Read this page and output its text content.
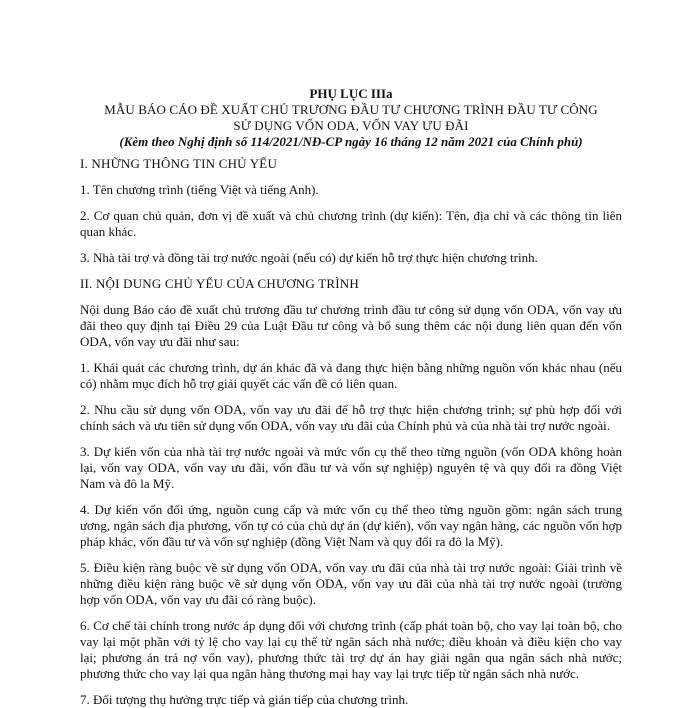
PHỤ LỤC IIIa
MẪU BÁO CÁO ĐỀ XUẤT CHỦ TRƯƠNG ĐẦU TƯ CHƯƠNG TRÌNH ĐẦU TƯ CÔNG
SỬ DỤNG VỐN ODA, VỐN VAY ƯU ĐÃI
(Kèm theo Nghị định số 114/2021/NĐ-CP ngày 16 tháng 12 năm 2021 của Chính phủ)
I. NHỮNG THÔNG TIN CHỦ YẾU
1. Tên chương trình (tiếng Việt và tiếng Anh).
2. Cơ quan chủ quản, đơn vị đề xuất và chủ chương trình (dự kiến): Tên, địa chỉ và các thông tin liên quan khác.
3. Nhà tài trợ và đồng tài trợ nước ngoài (nếu có) dự kiến hỗ trợ thực hiện chương trình.
II. NỘI DUNG CHỦ YẾU CỦA CHƯƠNG TRÌNH
Nội dung Báo cáo đề xuất chủ trương đầu tư chương trình đầu tư công sử dụng vốn ODA, vốn vay ưu đãi theo quy định tại Điều 29 của Luật Đầu tư công và bổ sung thêm các nội dung liên quan đến vốn ODA, vốn vay ưu đãi như sau:
1. Khái quát các chương trình, dự án khác đã và đang thực hiện bằng những nguồn vốn khác nhau (nếu có) nhằm mục đích hỗ trợ giải quyết các vấn đề có liên quan.
2. Nhu cầu sử dụng vốn ODA, vốn vay ưu đãi để hỗ trợ thực hiện chương trình; sự phù hợp đối với chính sách và ưu tiên sử dụng vốn ODA, vốn vay ưu đãi của Chính phủ và của nhà tài trợ nước ngoài.
3. Dự kiến vốn của nhà tài trợ nước ngoài và mức vốn cụ thể theo từng nguồn (vốn ODA không hoàn lại, vốn vay ODA, vốn vay ưu đãi, vốn đầu tư và vốn sự nghiệp) nguyên tệ và quy đổi ra đồng Việt Nam và đô la Mỹ.
4. Dự kiến vốn đối ứng, nguồn cung cấp và mức vốn cụ thể theo từng nguồn gồm: ngân sách trung ương, ngân sách địa phương, vốn tự có của chủ dự án (dự kiến), vốn vay ngân hàng, các nguồn vốn hợp pháp khác, vốn đầu tư và vốn sự nghiệp (đồng Việt Nam và quy đổi ra đô la Mỹ).
5. Điều kiện ràng buộc về sử dụng vốn ODA, vốn vay ưu đãi của nhà tài trợ nước ngoài: Giải trình về những điều kiện ràng buộc về sử dụng vốn ODA, vốn vay ưu đãi của nhà tài trợ nước ngoài (trường hợp vốn ODA, vốn vay ưu đãi có ràng buộc).
6. Cơ chế tài chính trong nước áp dụng đối với chương trình (cấp phát toàn bộ, cho vay lại toàn bộ, cho vay lại một phần với tỷ lệ cho vay lại cụ thể từ ngân sách nhà nước; điều khoản và điều kiện cho vay lại; phương án trả nợ vốn vay), phương thức tài trợ dự án hay giải ngân qua ngân sách nhà nước; phương thức cho vay lại qua ngân hàng thương mại hay vay lại trực tiếp từ ngân sách nhà nước.
7. Đối tượng thụ hưởng trực tiếp và gián tiếp của chương trình.
